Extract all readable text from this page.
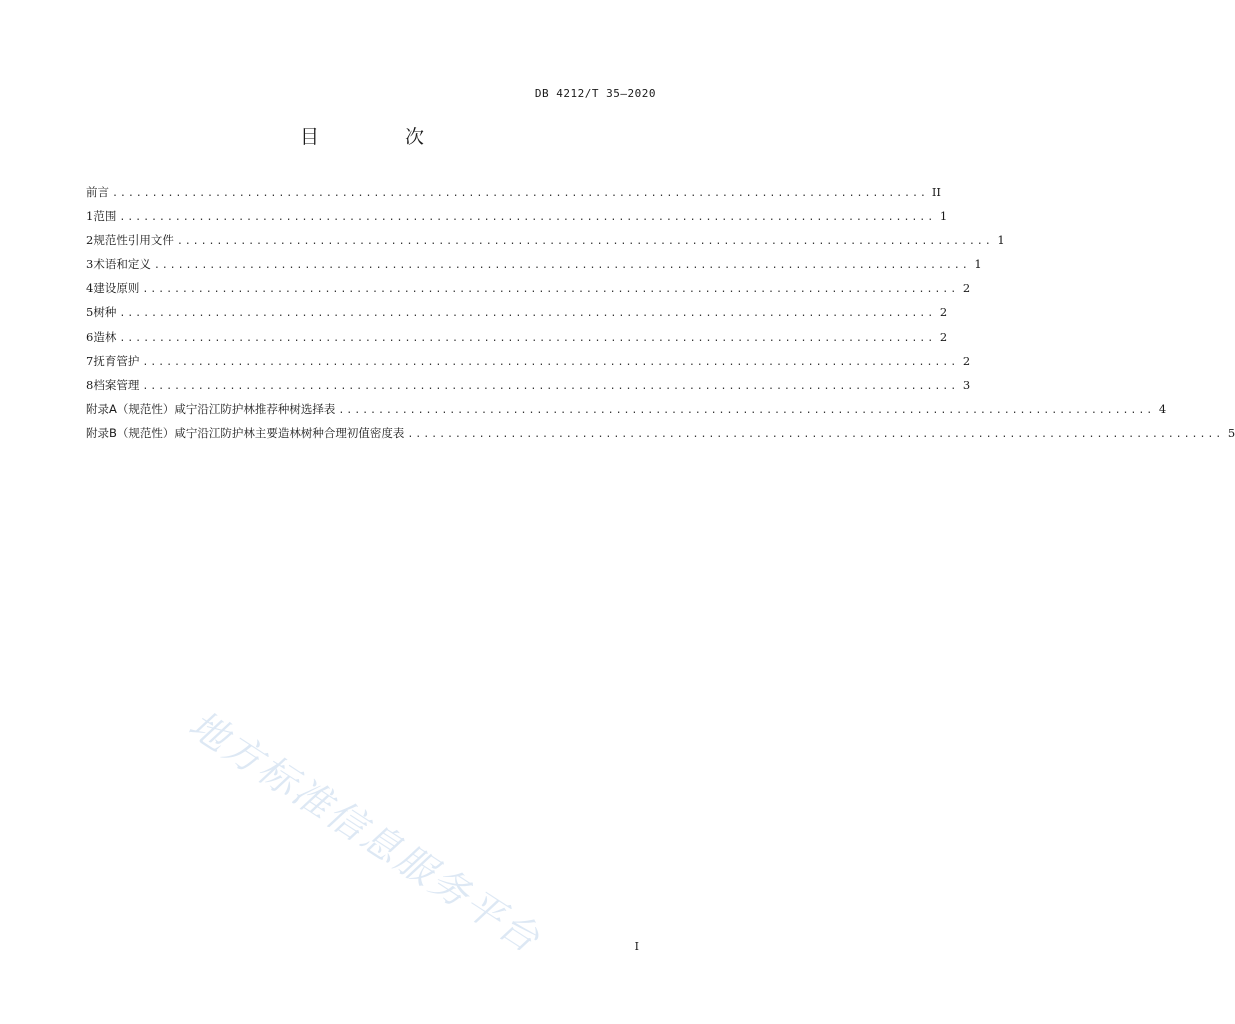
DB 4212/T 35—2020
目 次
前言 ....................................................................................................... II
1 范围 ....................................................................................................... 1
2 规范性引用文件 ....................................................................................................... 1
3 术语和定义 ....................................................................................................... 1
4 建设原则 ....................................................................................................... 2
5 树种 ....................................................................................................... 2
6 造林 ....................................................................................................... 2
7 抚育管护 ....................................................................................................... 2
8 档案管理 ....................................................................................................... 3
附录A（规范性） 咸宁沿江防护林推荐种树选择表 ....................................................................................................... 4
附录B（规范性） 咸宁沿江防护林主要造林树种合理初值密度表 ....................................................................................................... 5
地方标准信息服务平台	I
